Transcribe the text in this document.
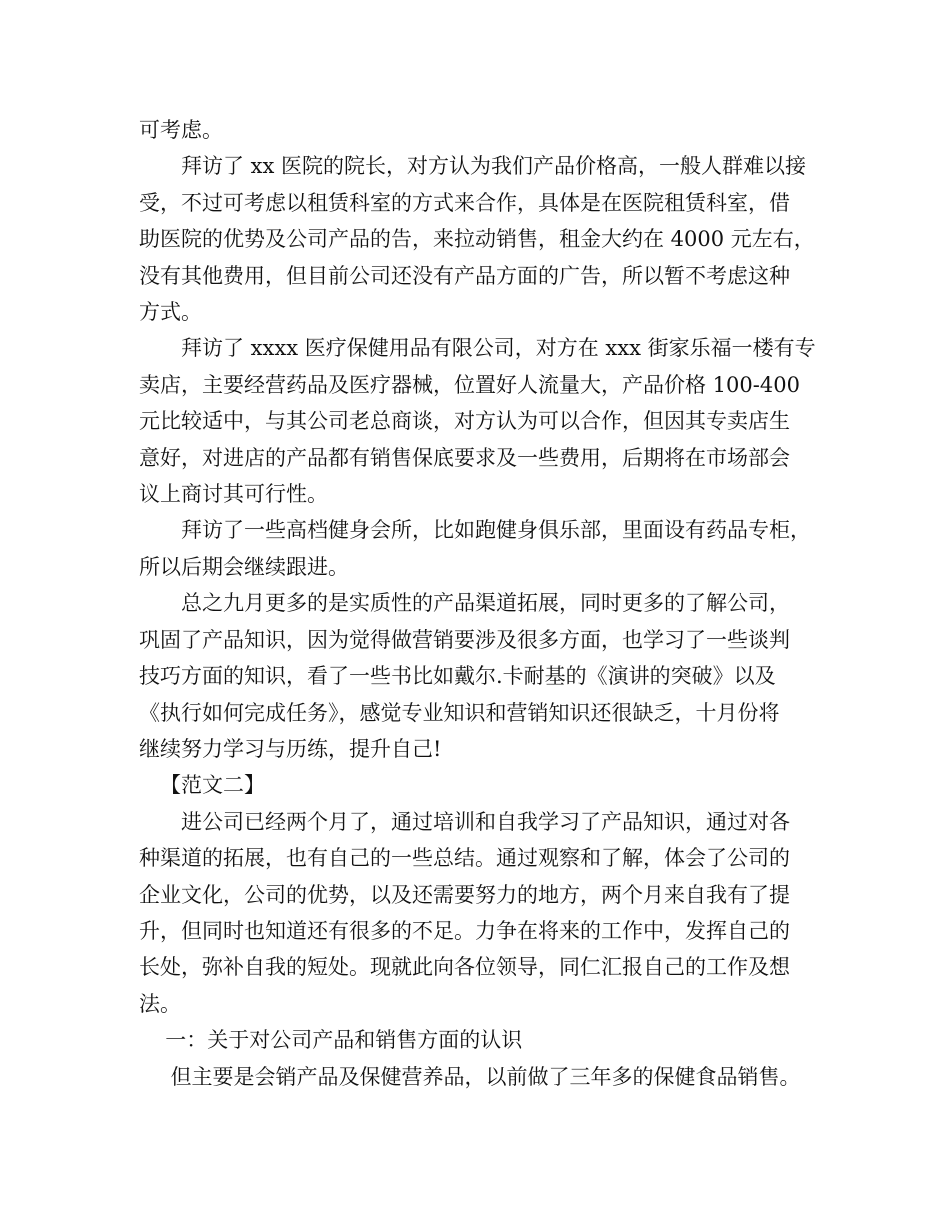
可考虑。

拜访了 xx 医院的院长，对方认为我们产品价格高，一般人群难以接
受，不过可考虑以租赁科室的方式来合作，具体是在医院租赁科室，借
助医院的优势及公司产品的告，来拉动销售，租金大约在 4000 元左右，
没有其他费用，但目前公司还没有产品方面的广告，所以暂不考虑这种
方式。

拜访了 xxxx 医疗保健用品有限公司，对方在 xxx 街家乐福一楼有专
卖店，主要经营药品及医疗器械，位置好人流量大，产品价格 100-400
元比较适中，与其公司老总商谈，对方认为可以合作，但因其专卖店生
意好，对进店的产品都有销售保底要求及一些费用，后期将在市场部会
议上商讨其可行性。

拜访了一些高档健身会所，比如跑健身俱乐部，里面设有药品专柜，
所以后期会继续跟进。

总之九月更多的是实质性的产品渠道拓展，同时更多的了解公司，
巩固了产品知识，因为觉得做营销要涉及很多方面，也学习了一些谈判
技巧方面的知识，看了一些书比如戴尔.卡耐基的《演讲的突破》以及
《执行如何完成任务》，感觉专业知识和营销知识还很缺乏，十月份将
继续努力学习与历练，提升自己!

【范文二】

进公司已经两个月了，通过培训和自我学习了产品知识，通过对各
种渠道的拓展，也有自己的一些总结。通过观察和了解，体会了公司的
企业文化，公司的优势，以及还需要努力的地方，两个月来自我有了提
升，但同时也知道还有很多的不足。力争在将来的工作中，发挥自己的
长处，弥补自我的短处。现就此向各位领导，同仁汇报自己的工作及想
法。

一：关于对公司产品和销售方面的认识

但主要是会销产品及保健营养品，以前做了三年多的保健食品销售。
